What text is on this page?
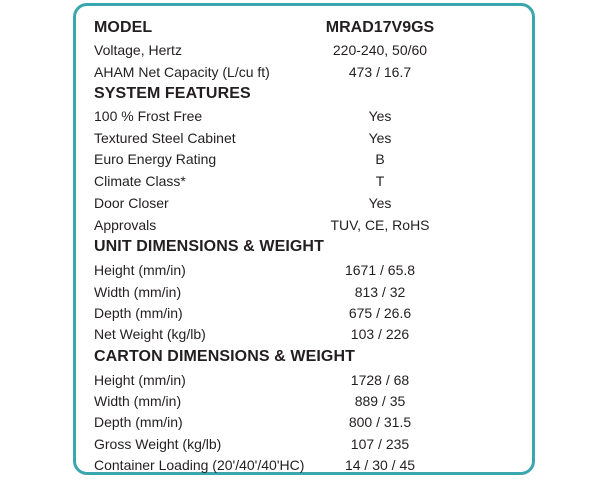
MODEL	MRAD17V9GS
Voltage, Hertz	220-240, 50/60
AHAM Net Capacity (L/cu ft)	473 / 16.7
SYSTEM FEATURES
100 % Frost Free	Yes
Textured Steel Cabinet	Yes
Euro Energy Rating	B
Climate Class*	T
Door Closer	Yes
Approvals	TUV, CE, RoHS
UNIT DIMENSIONS & WEIGHT
Height (mm/in)	1671 / 65.8
Width (mm/in)	813 / 32
Depth (mm/in)	675 / 26.6
Net Weight (kg/lb)	103 / 226
CARTON DIMENSIONS & WEIGHT
Height (mm/in)	1728 / 68
Width (mm/in)	889 / 35
Depth (mm/in)	800 / 31.5
Gross Weight (kg/lb)	107 / 235
Container Loading (20'/40'/40'HC)	14 / 30 / 45
